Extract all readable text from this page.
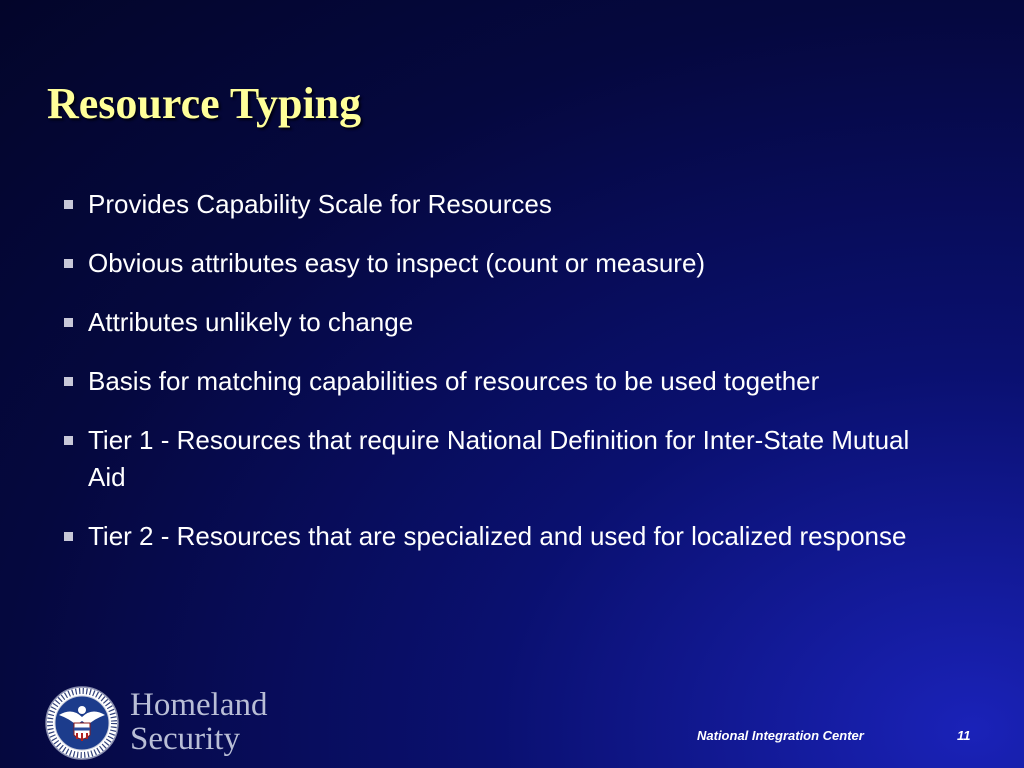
Resource Typing
Provides Capability Scale for Resources
Obvious attributes easy to inspect (count or measure)
Attributes unlikely to change
Basis for matching capabilities of resources to be used together
Tier 1 - Resources that require National Definition for Inter-State Mutual Aid
Tier 2 - Resources that are specialized and used for localized response
Homeland
Security	National Integration Center	11
